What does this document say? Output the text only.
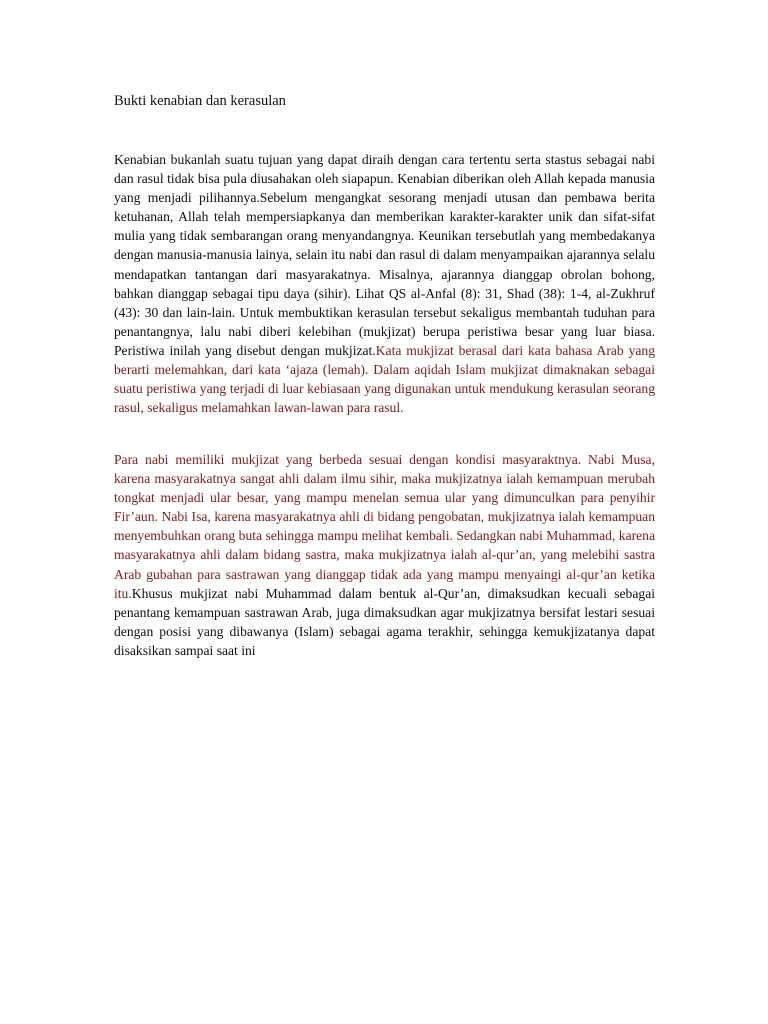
Bukti kenabian dan kerasulan

Kenabian bukanlah suatu tujuan yang dapat diraih dengan cara tertentu serta stastus sebagai nabi dan rasul tidak bisa pula diusahakan oleh siapapun. Kenabian diberikan oleh Allah kepada manusia yang menjadi pilihannya.Sebelum mengangkat sesorang menjadi utusan dan pembawa berita ketuhanan, Allah telah mempersiapkanya dan memberikan karakter-karakter unik dan sifat-sifat mulia yang tidak sembarangan orang menyandangnya. Keunikan tersebutlah yang membedakanya dengan manusia-manusia lainya, selain itu nabi dan rasul di dalam menyampaikan ajarannya selalu mendapatkan tantangan dari masyarakatnya. Misalnya, ajarannya dianggap obrolan bohong, bahkan dianggap sebagai tipu daya (sihir). Lihat QS al-Anfal (8): 31, Shad (38): 1-4, al-Zukhruf (43): 30 dan lain-lain. Untuk membuktikan kerasulan tersebut sekaligus membantah tuduhan para penantangnya, lalu nabi diberi kelebihan (mukjizat) berupa peristiwa besar yang luar biasa. Peristiwa inilah yang disebut dengan mukjizat.Kata mukjizat berasal dari kata bahasa Arab yang berarti melemahkan, dari kata ‘ajaza (lemah). Dalam aqidah Islam mukjizat dimaknakan sebagai suatu peristiwa yang terjadi di luar kebiasaan yang digunakan untuk mendukung kerasulan seorang rasul, sekaligus melamahkan lawan-lawan para rasul.

Para nabi memiliki mukjizat yang berbeda sesuai dengan kondisi masyaraktnya. Nabi Musa, karena masyarakatnya sangat ahli dalam ilmu sihir, maka mukjizatnya ialah kemampuan merubah tongkat menjadi ular besar, yang mampu menelan semua ular yang dimunculkan para penyihir Fir’aun. Nabi Isa, karena masyarakatnya ahli di bidang pengobatan, mukjizatnya ialah kemampuan menyembuhkan orang buta sehingga mampu melihat kembali. Sedangkan nabi Muhammad, karena masyarakatnya ahli dalam bidang sastra, maka mukjizatnya ialah al-qur’an, yang melebihi sastra Arab gubahan para sastrawan yang dianggap tidak ada yang mampu menyaingi al-qur’an ketika itu.Khusus mukjizat nabi Muhammad dalam bentuk al-Qur’an, dimaksudkan kecuali sebagai penantang kemampuan sastrawan Arab, juga dimaksudkan agar mukjizatnya bersifat lestari sesuai dengan posisi yang dibawanya (Islam) sebagai agama terakhir, sehingga kemukjizatanya dapat disaksikan sampai saat ini
